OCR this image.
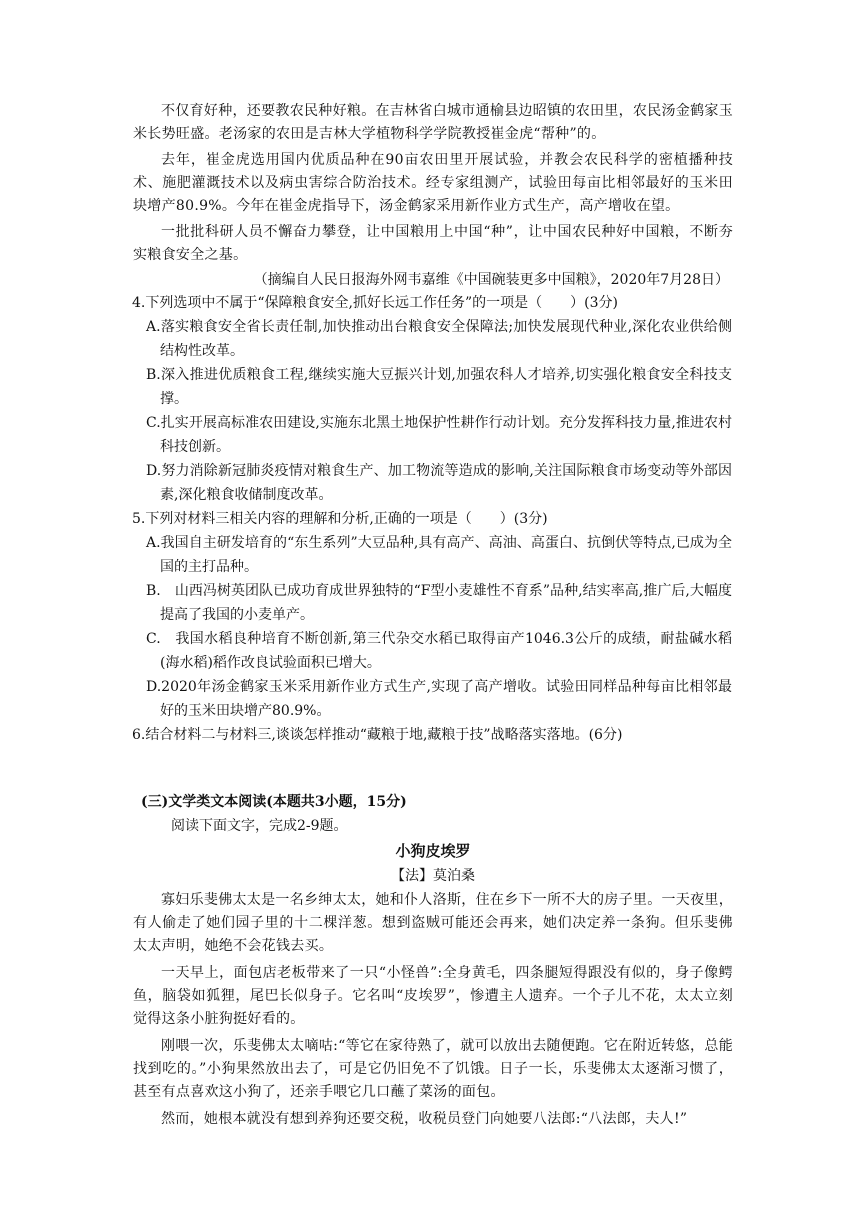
不仅育好种，还要教农民种好粮。在吉林省白城市通榆县边昭镇的农田里，农民汤金鹤家玉米长势旺盛。老汤家的农田是吉林大学植物科学学院教授崔金虎“帮种”的。

去年，崔金虎选用国内优质品种在90亩农田里开展试验，并教会农民科学的密植播种技术、施肥灌溉技术以及病虫害综合防治技术。经专家组测产，试验田每亩比相邻最好的玉米田块增产80.9%。今年在崔金虎指导下，汤金鹤家采用新作业方式生产，高产增收在望。

一批批科研人员不懈奋力攀登，让中国粮用上中国“种”，让中国农民种好中国粮，不断夯实粮食安全之基。

（摘编自人民日报海外网韦嘉维《中国碗装更多中国粮》，2020年7月28日）

4.下列选项中不属于“保障粮食安全,抓好长远工作任务”的一项是（　　）(3分)

A.落实粮食安全省长责任制,加快推动出台粮食安全保障法;加快发展现代种业,深化农业供给侧结构性改革。

B.深入推进优质粮食工程,继续实施大豆振兴计划,加强农科人才培养,切实强化粮食安全科技支撑。

C.扎实开展高标准农田建设,实施东北黑土地保护性耕作行动计划。充分发挥科技力量,推进农村科技创新。

D.努力消除新冠肺炎疫情对粮食生产、加工物流等造成的影响,关注国际粮食市场变动等外部因素,深化粮食收储制度改革。

5.下列对材料三相关内容的理解和分析,正确的一项是（　　）(3分)

A.我国自主研发培育的“东生系列”大豆品种,具有高产、高油、高蛋白、抗倒伏等特点,已成为全国的主打品种。

B.　山西冯树英团队已成功育成世界独特的“F型小麦雄性不育系”品种,结实率高,推广后,大幅度提高了我国的小麦单产。

C.　我国水稻良种培育不断创新,第三代杂交水稻已取得亩产1046.3公斤的成绩，耐盐碱水稻(海水稻)稻作改良试验面积已增大。

D.2020年汤金鹤家玉米采用新作业方式生产,实现了高产增收。试验田同样品种每亩比相邻最好的玉米田块增产80.9%。

6.结合材料二与材料三,谈谈怎样推动“藏粮于地,藏粮于技”战略落实落地。(6分)

(三)文学类文本阅读(本题共3小题，15分)

阅读下面文字，完成2-9题。

小狗皮埃罗

【法】莫泊桑

寡妇乐斐佛太太是一名乡绅太太，她和仆人洛斯，住在乡下一所不大的房子里。一天夜里，有人偷走了她们园子里的十二棵洋葱。想到盗贼可能还会再来，她们决定养一条狗。但乐斐佛太太声明，她绝不会花钱去买。

一天早上，面包店老板带来了一只“小怪兽”:全身黄毛，四条腿短得跟没有似的，身子像鳄鱼，脑袋如狐狸，尾巴长似身子。它名叫“皮埃罗”，惨遭主人遗弃。一个子儿不花，太太立刻觉得这条小脏狗挺好看的。

刚喂一次，乐斐佛太太嘀咕:“等它在家待熟了，就可以放出去随便跑。它在附近转悠，总能找到吃的。”小狗果然放出去了，可是它仍旧免不了饥饿。日子一长，乐斐佛太太逐渐习惯了，甚至有点喜欢这小狗了，还亲手喂它几口蘸了菜汤的面包。

然而，她根本就没有想到养狗还要交税，收税员登门向她要八法郎:“八法郎，夫人!”
